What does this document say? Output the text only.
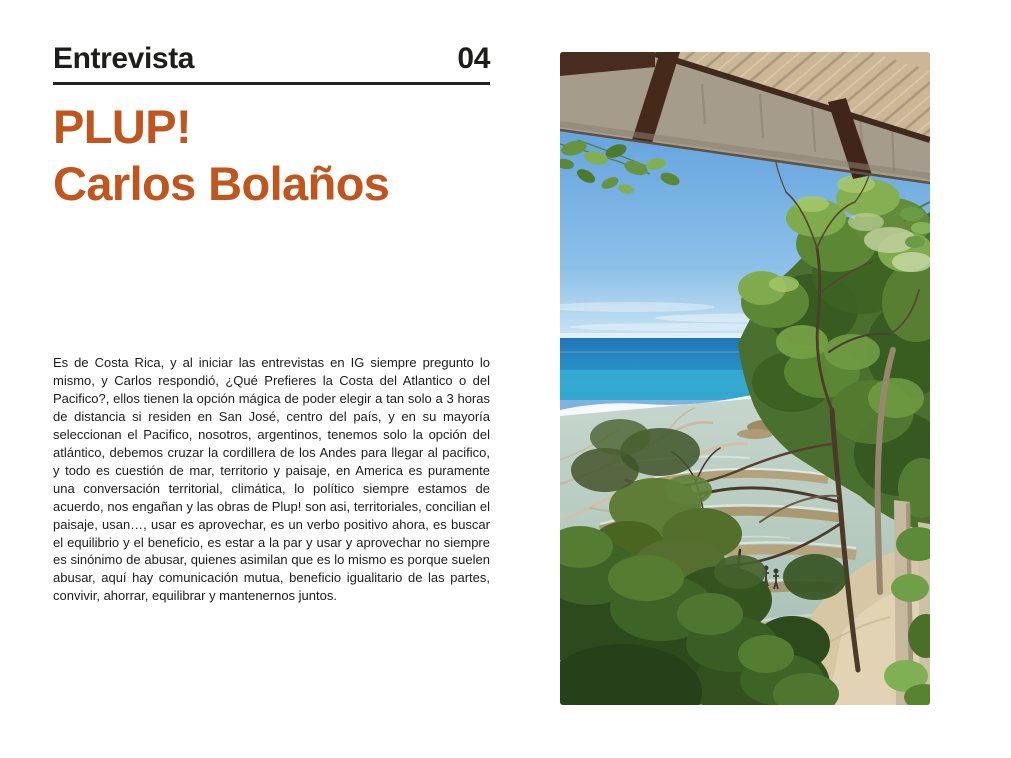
Entrevista	04
PLUP!
Carlos Bolaños

Es de Costa Rica, y al iniciar las entrevistas en IG siempre pregunto lo mismo, y Carlos respondió, ¿Qué Prefieres la Costa del Atlantico o del Pacifico?, ellos tienen la opción mágica de poder elegir a tan solo a 3 horas de distancia si residen en San José, centro del país, y en su mayoría seleccionan el Pacifico, nosotros, argentinos, tenemos solo la opción del atlántico, debemos cruzar la cordillera de los Andes para llegar al pacifico, y todo es cuestión de mar, territorio y paisaje, en America es puramente una conversación territorial, climática, lo político siempre estamos de acuerdo, nos engañan y las obras de Plup! son asi, territoriales, concilian el paisaje, usan…, usar es aprovechar, es un verbo positivo ahora, es buscar el equilibrio y el beneficio, es estar a la par y usar y aprovechar no siempre es sinónimo de abusar, quienes asimilan que es lo mismo es porque suelen abusar, aquí hay comunicación mutua, beneficio igualitario de las partes, convivir, ahorrar, equilibrar y mantenernos juntos.
